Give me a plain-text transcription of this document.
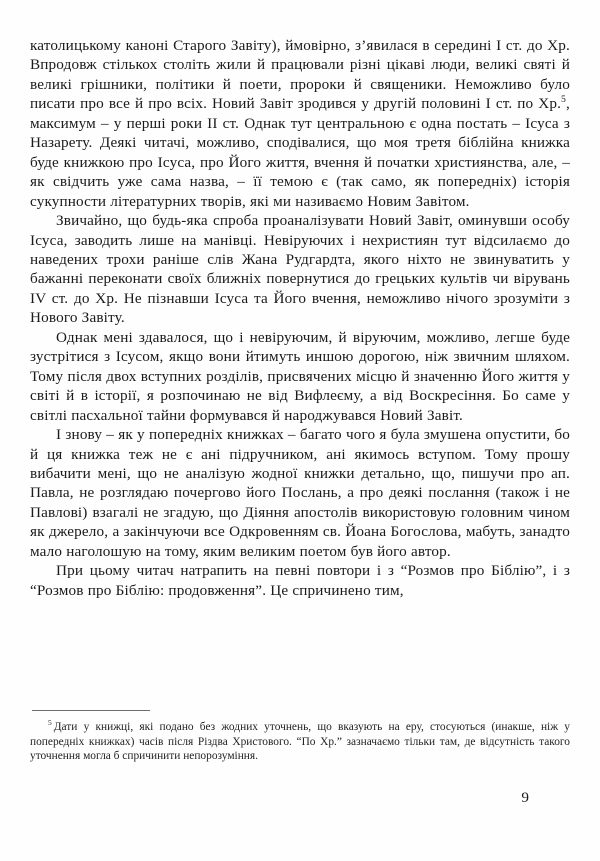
католицькому каноні Старого Завіту), ймовірно, з’явилася в середині I ст. до Хр. Впродовж стількох століть жили й працювали різні цікаві люди, великі святі й великі грішники, політики й поети, пророки й священики. Неможливо було писати про все й про всіх. Новий Завіт зродився у другій половині I ст. по Хр.$^5$, максимум – у перші роки II ст. Однак тут центральною є одна постать – Ісуса з Назарету. Деякі читачі, можливо, сподівалися, що моя третя біблійна книжка буде книжкою про Ісуса, про Його життя, вчення й початки християнства, але, – як свідчить уже сама назва, – її темою є (так само, як попередніх) історія сукупности літературних творів, які ми називаємо Новим Завітом.

Звичайно, що будь-яка спроба проаналізувати Новий Завіт, оминувши особу Ісуса, заводить лише на манівці. Невіруючих і нехристиян тут відсилаємо до наведених трохи раніше слів Жана Рудгардта, якого ніхто не звинуватить у бажанні переконати своїх ближніх повернутися до грецьких культів чи вірувань IV ст. до Хр. Не пізнавши Ісуса та Його вчення, неможливо нічого зрозуміти з Нового Завіту.

Однак мені здавалося, що і невіруючим, й віруючим, можливо, легше буде зустрітися з Ісусом, якщо вони йтимуть иншою дорогою, ніж звичним шляхом. Тому після двох вступних розділів, присвячених місцю й значенню Його життя у світі й в історії, я розпочинаю не від Вифлеєму, а від Воскресіння. Бо саме у світлі пасхальної тайни формувався й народжувався Новий Завіт.

І знову – як у попередніх книжках – багато чого я була змушена опустити, бо й ця книжка теж не є ані підручником, ані якимось вступом. Тому прошу вибачити мені, що не аналізую жодної книжки детально, що, пишучи про ап. Павла, не розглядаю почергово його Послань, а про деякі послання (також і не Павлові) взагалі не згадую, що Діяння апостолів використовую головним чином як джерело, а закінчуючи все Одкровенням св. Йоана Богослова, мабуть, занадто мало наголошую на тому, яким великим поетом був його автор.

При цьому читач натрапить на певні повтори і з “Розмов про Біблію”, і з “Розмов про Біблію: продовження”. Це спричинено тим,

$^5$ Дати у книжці, які подано без жодних уточнень, що вказують на еру, стосуються (инакше, ніж у попередніх книжках) часів після Різдва Христового. “По Хр.” зазначаємо тільки там, де відсутність такого уточнення могла б спричинити непорозуміння.

9
